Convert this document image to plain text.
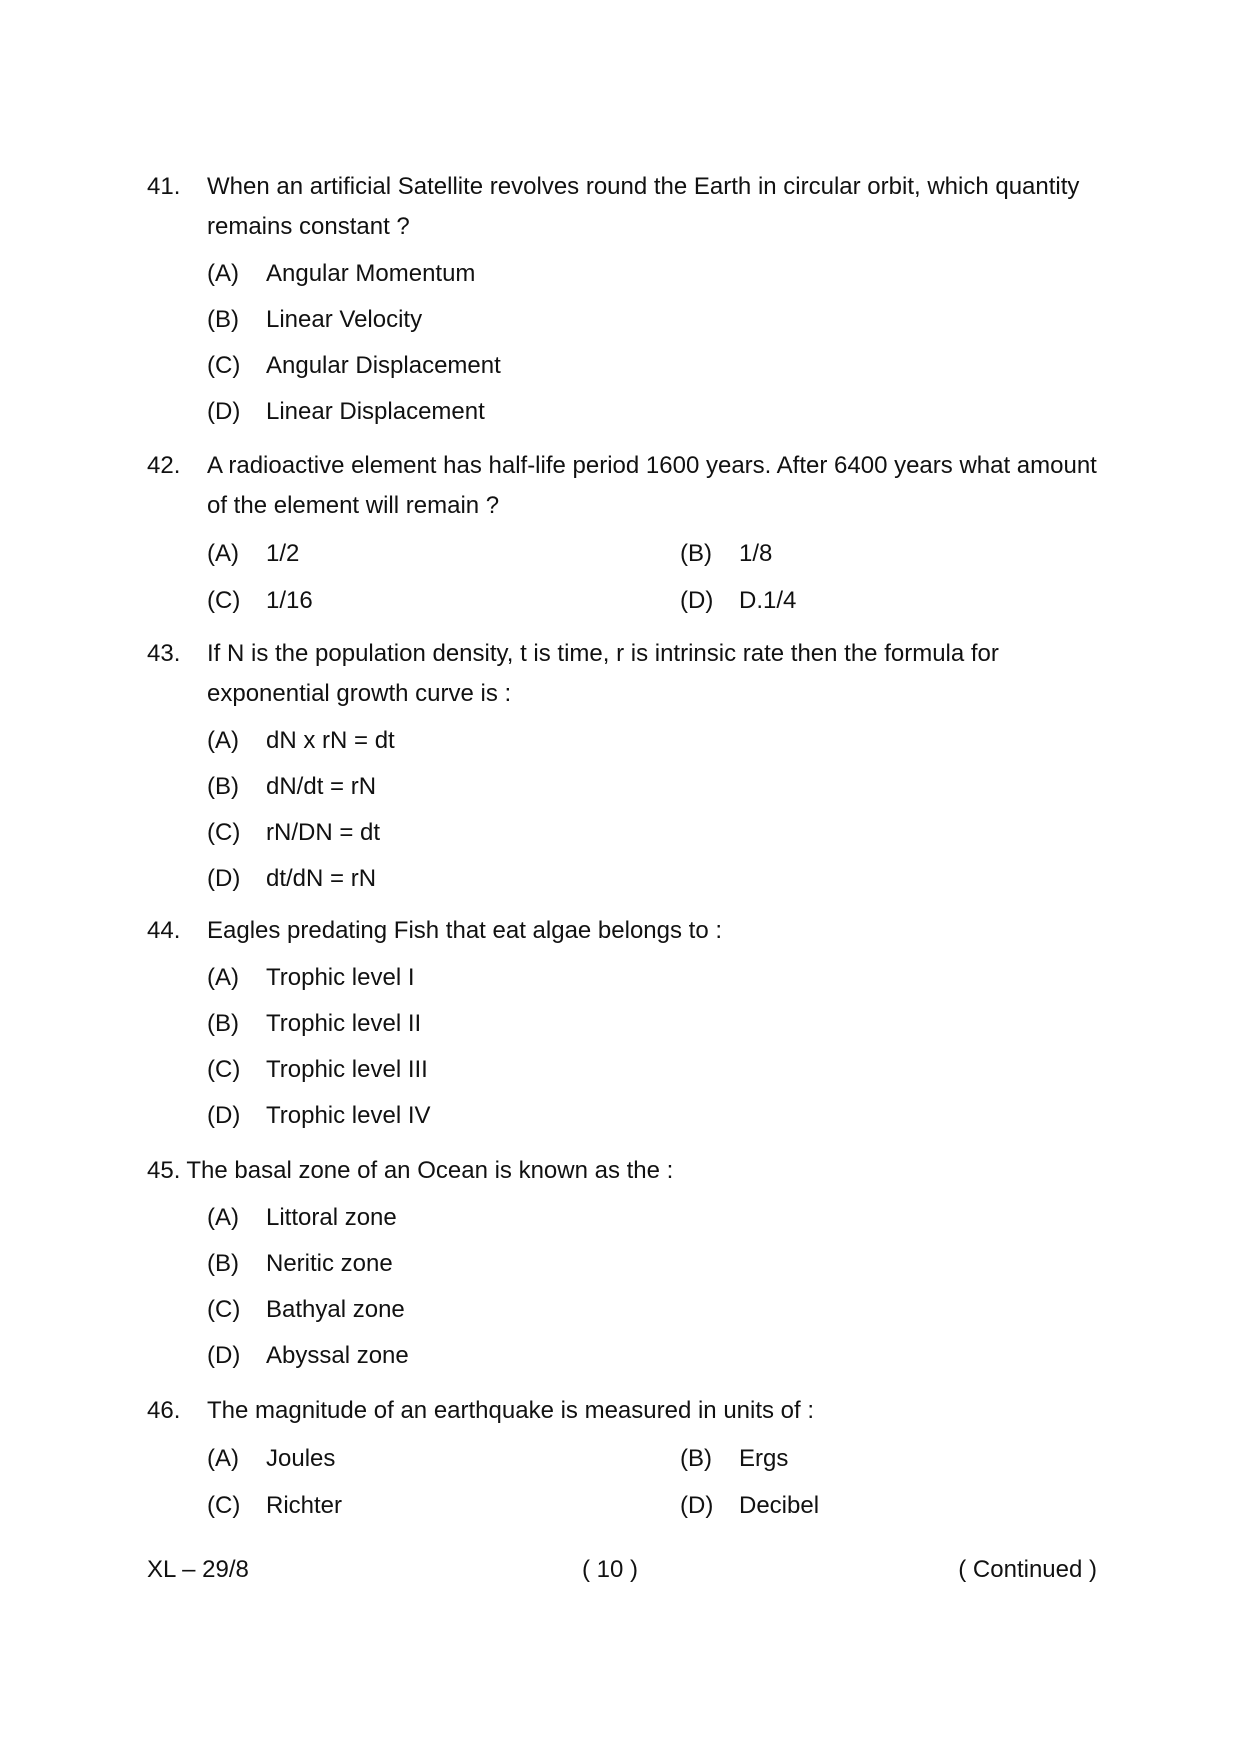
41.	When an artificial Satellite revolves round the Earth in circular orbit, which quantity remains constant ?
(A)	Angular Momentum
(B)	Linear Velocity
(C)	Angular Displacement
(D)	Linear Displacement
42.	A radioactive element has half-life period 1600 years. After 6400 years what amount of the element will remain ?
(A)	1/2	(B)	1/8
(C)	1/16	(D)	D.1/4
43.	If N is the population density, t is time, r is intrinsic rate then the formula for exponential growth curve is :
(A)	dN x rN = dt
(B)	dN/dt = rN
(C)	rN/DN = dt
(D)	dt/dN = rN
44.	Eagles predating Fish that eat algae belongs to :
(A)	Trophic level I
(B)	Trophic level II
(C)	Trophic level III
(D)	Trophic level IV
45. The basal zone of an Ocean is known as the :
(A)	Littoral zone
(B)	Neritic zone
(C)	Bathyal zone
(D)	Abyssal zone
46.	The magnitude of an earthquake is measured in units of :
(A)	Joules	(B)	Ergs
(C)	Richter	(D)	Decibel
XL – 29/8	( 10 )	( Continued )
